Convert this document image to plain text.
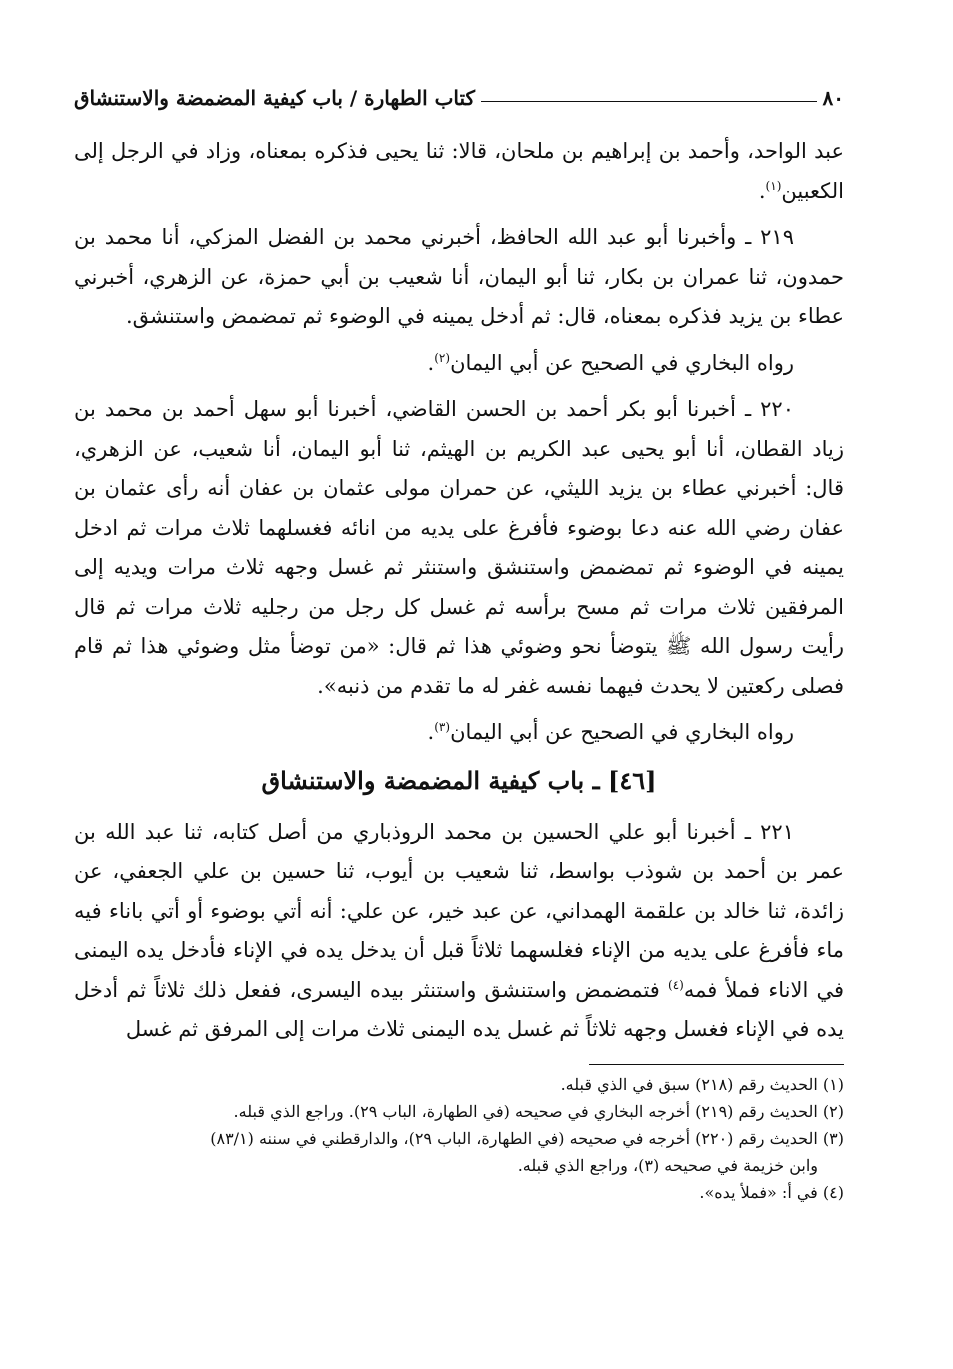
٨٠
كتاب الطهارة / باب كيفية المضمضة والاستنشاق

عبد الواحد، وأحمد بن إبراهيم بن ملحان، قالا: ثنا يحيى فذكره بمعناه، وزاد في الرجل إلى الكعبين$^{(١)}$.

٢١٩ ـ وأخبرنا أبو عبد الله الحافظ، أخبرني محمد بن الفضل المزكي، أنا محمد بن حمدون، ثنا عمران بن بكار، ثنا أبو اليمان، أنا شعيب بن أبي حمزة، عن الزهري، أخبرني عطاء بن يزيد فذكره بمعناه، قال: ثم أدخل يمينه في الوضوء ثم تمضمض واستنشق.

رواه البخاري في الصحيح عن أبي اليمان$^{(٢)}$.

٢٢٠ ـ أخبرنا أبو بكر أحمد بن الحسن القاضي، أخبرنا أبو سهل أحمد بن محمد بن زياد القطان، أنا أبو يحيى عبد الكريم بن الهيثم، ثنا أبو اليمان، أنا شعيب، عن الزهري، قال: أخبرني عطاء بن يزيد الليثي، عن حمران مولى عثمان بن عفان أنه رأى عثمان بن عفان رضي الله عنه دعا بوضوء فأفرغ على يديه من انائه فغسلهما ثلاث مرات ثم ادخل يمينه في الوضوء ثم تمضمض واستنشق واستنثر ثم غسل وجهه ثلاث مرات ويديه إلى المرفقين ثلاث مرات ثم مسح برأسه ثم غسل كل رجل من رجليه ثلاث مرات ثم قال رأيت رسول الله ﷺ يتوضأ نحو وضوئي هذا ثم قال: «من توضأ مثل وضوئي هذا ثم قام فصلى ركعتين لا يحدث فيهما نفسه غفر له ما تقدم من ذنبه».

رواه البخاري في الصحيح عن أبي اليمان$^{(٣)}$.

[٤٦] ـ باب كيفية المضمضة والاستنشاق

٢٢١ ـ أخبرنا أبو علي الحسين بن محمد الروذباري من أصل كتابه، ثنا عبد الله بن عمر بن أحمد بن شوذب بواسط، ثنا شعيب بن أيوب، ثنا حسين بن علي الجعفي، عن زائدة، ثنا خالد بن علقمة الهمداني، عن عبد خير، عن علي: أنه أتي بوضوء أو أتي باناء فيه ماء فأفرغ على يديه من الإناء فغلسهما ثلاثاً قبل أن يدخل يده في الإناء فأدخل يده اليمنى في الاناء فملأ فمه$^{(٤)}$ فتمضمض واستنشق واستنثر بيده اليسرى، ففعل ذلك ثلاثاً ثم أدخل يده في الإناء فغسل وجهه ثلاثاً ثم غسل يده اليمنى ثلاث مرات إلى المرفق ثم غسل

(١) الحديث رقم (٢١٨) سبق في الذي قبله.
(٢) الحديث رقم (٢١٩) أخرجه البخاري في صحيحه (في الطهارة، الباب ٢٩). وراجع الذي قبله.
(٣) الحديث رقم (٢٢٠) أخرجه في صحيحه (في الطهارة، الباب ٢٩)، والدارقطني في سننه (٨٣/١)
وابن خزيمة في صحيحه (٣)، وراجع الذي قبله.
(٤) في أ: «فملأ يده».
